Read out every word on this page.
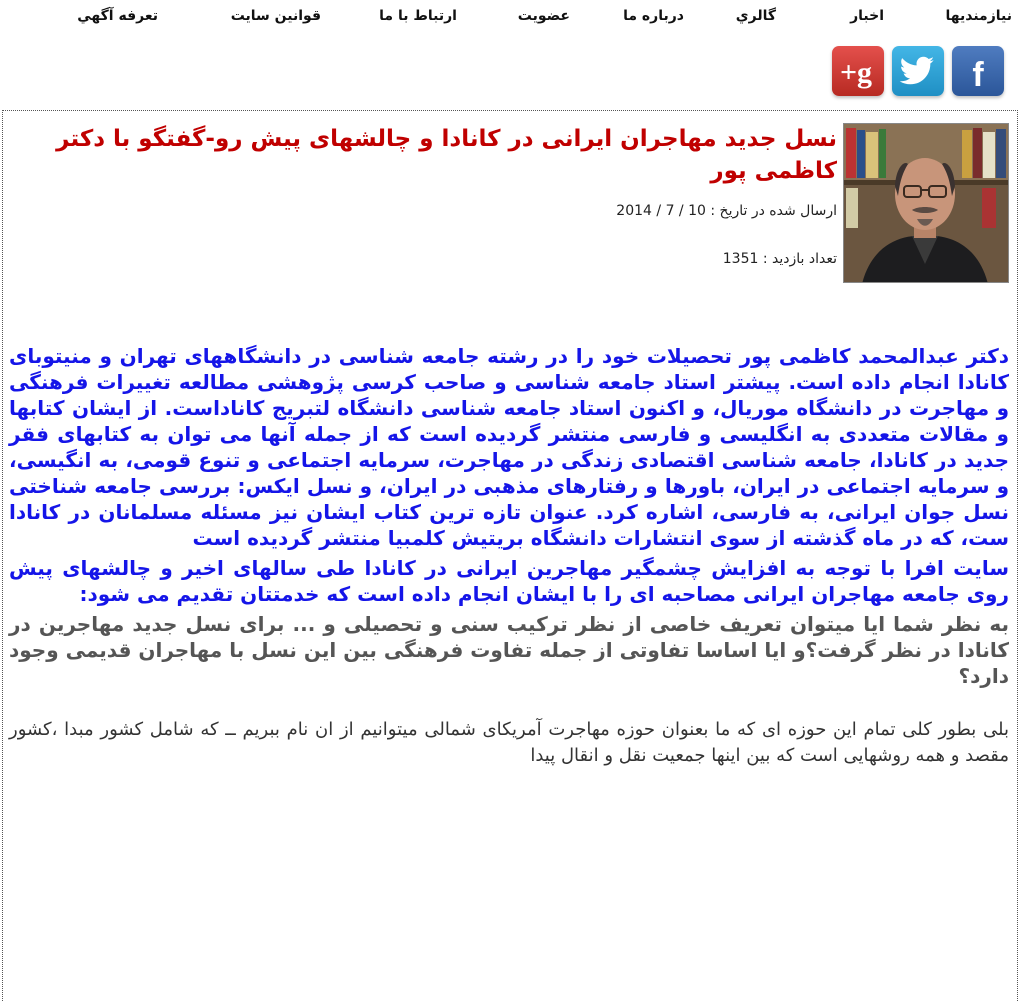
نيازمنديها
اخبار
گالري
درباره ما
عضويت
ارتباط با ما
قوانين سايت
تعرفه آگهي
f
g+
نسل جدید مهاجران ایرانی در کانادا و چالشهای پیش رو-گفتگو با دکتر کاظمی پور
ارسال شده در تاریخ : 10 / 7 / 2014
تعداد بازدید : 1351

دکتر عبدالمحمد کاظمی پور تحصیلات خود را در رشته جامعه شناسی در دانشگاههای تهران و منیتوبای کانادا انجام داده است. پیشتر استاد جامعه شناسی و صاحب کرسی پژوهشی مطالعه تغییرات فرهنگی و مهاجرت در دانشگاه موریال، و اکنون استاد جامعه شناسی دانشگاه لتبریج کاناداست. از ایشان کتابها و مقالات متعددی به انگلیسی و فارسی منتشر گردیده است که از جمله آنها می توان به کتابهای فقر جدید در کانادا، جامعه شناسی اقتصادی زندگی در مهاجرت، سرمایه اجتماعی و تنوع قومی، به انگیسی، و سرمایه اجتماعی در ایران، باورها و رفتارهای مذهبی در ایران، و نسل ایکس: بررسی جامعه شناختی نسل جوان ایرانی، به فارسی، اشاره کرد. عنوان تازه ترین کتاب ایشان نیز مسئله مسلمانان در کانادا ست، که در ماه گذشته از سوی انتشارات دانشگاه بریتیش کلمبیا منتشر گردیده است

سایت افرا با توجه به افزایش چشمگیر مهاجرین ایرانی در کانادا طی سالهای اخیر و چالشهای پیش روی جامعه مهاجران ایرانی مصاحبه ای را با ایشان انجام داده است که خدمتتان تقدیم می شود:

به نظر شما ایا میتوان تعریف خاصی از نظر ترکیب سنی و تحصیلی و ... برای نسل جدید مهاجرین در کانادا در نظر گرفت؟و ایا اساسا تفاوتی از جمله تفاوت فرهنگی بین این نسل با مهاجران قدیمی وجود دارد؟

بلی بطور کلی تمام این حوزه ای که ما بعنوان حوزه مهاجرت آمریکای شمالی میتوانیم از ان نام ببریم ــ که شامل کشور مبدا ،کشور مقصد و همه روشهایی است که بین اینها جمعیت نقل و انقال پیدا
